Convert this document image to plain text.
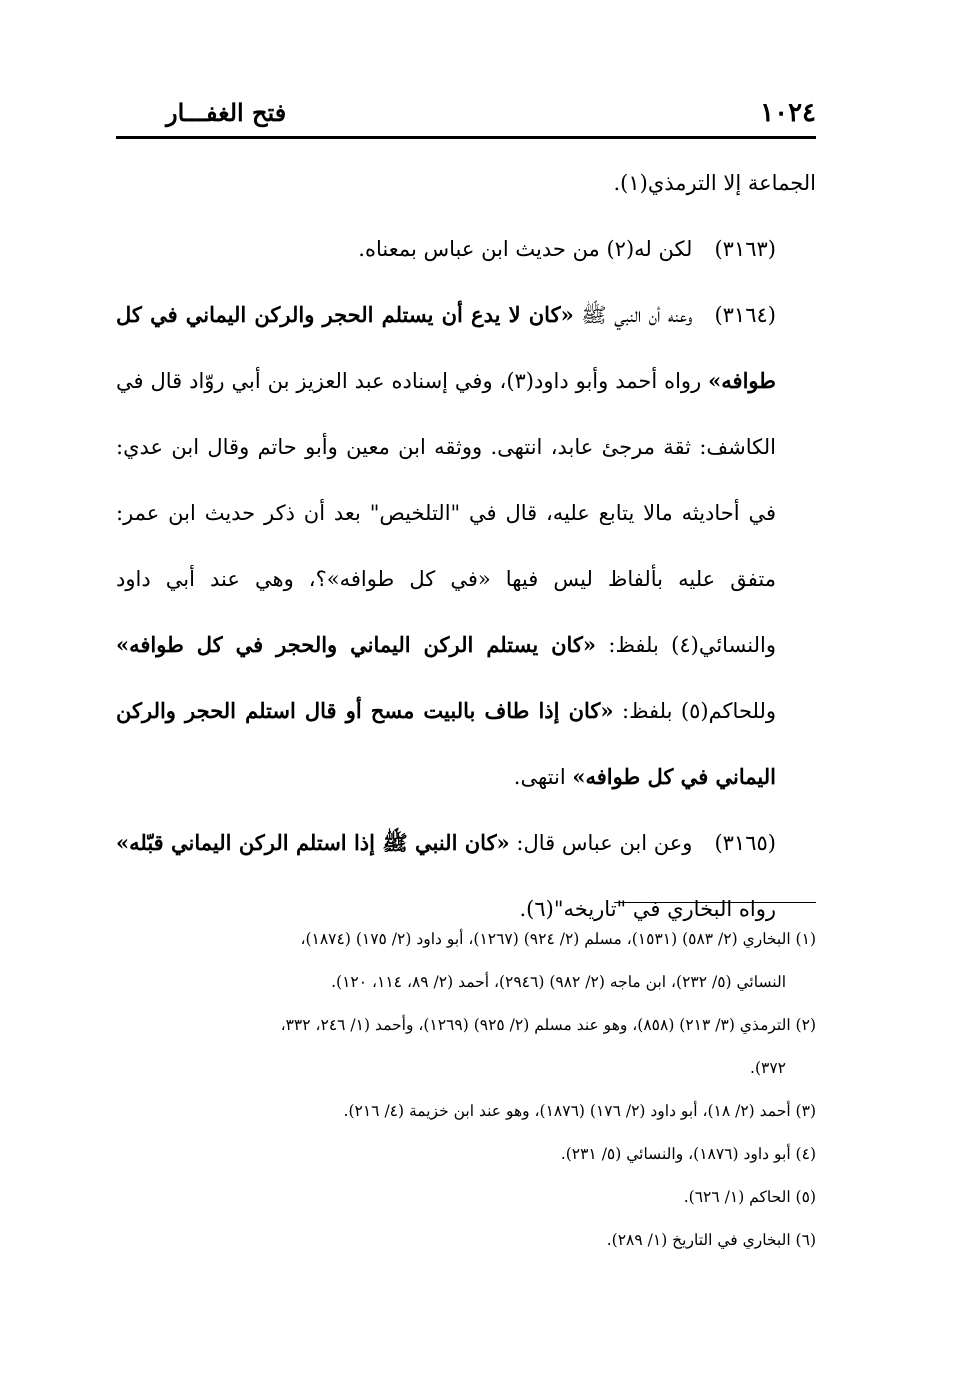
١٠٢٤
فتح الغفـــار

الجماعة إلا الترمذي(١).

(٣١٦٣)لكن له(٢) من حديث ابن عباس بمعناه.

(٣١٦٤)وعنه أن النبي ﷺ «كان لا يدع أن يستلم الحجر والركن اليماني في كل طوافه» رواه أحمد وأبو داود(٣)، وفي إسناده عبد العزيز بن أبي روّاد قال في الكاشف: ثقة مرجئ عابد، انتهى. ووثقه ابن معين وأبو حاتم وقال ابن عدي: في أحاديثه مالا يتابع عليه، قال في "التلخيص" بعد أن ذكر حديث ابن عمر: متفق عليه بألفاظ ليس فيها «في كل طوافه»؟، وهي عند أبي داود والنسائي(٤) بلفظ: «كان يستلم الركن اليماني والحجر في كل طوافه» وللحاكم(٥) بلفظ: «كان إذا طاف بالبيت مسح أو قال استلم الحجر والركن اليماني في كل طوافه» انتهى.

(٣١٦٥)وعن ابن عباس قال: «كان النبي ﷺ إذا استلم الركن اليماني قبّله» رواه البخاري في "تاريخه"(٦).

(١) البخاري (٢/ ٥٨٣) (١٥٣١)، مسلم (٢/ ٩٢٤) (١٢٦٧)، أبو داود (٢/ ١٧٥) (١٨٧٤)،

النسائي (٥/ ٢٣٢)، ابن ماجه (٢/ ٩٨٢) (٢٩٤٦)، أحمد (٢/ ٨٩، ١١٤، ١٢٠).

(٢) الترمذي (٣/ ٢١٣) (٨٥٨)، وهو عند مسلم (٢/ ٩٢٥) (١٢٦٩)، وأحمد (١/ ٢٤٦، ٣٣٢،

٣٧٢).

(٣) أحمد (٢/ ١٨)، أبو داود (٢/ ١٧٦) (١٨٧٦)، وهو عند ابن خزيمة (٤/ ٢١٦).

(٤) أبو داود (١٨٧٦)، والنسائي (٥/ ٢٣١).

(٥) الحاكم (١/ ٦٢٦).

(٦) البخاري في التاريخ (١/ ٢٨٩).
